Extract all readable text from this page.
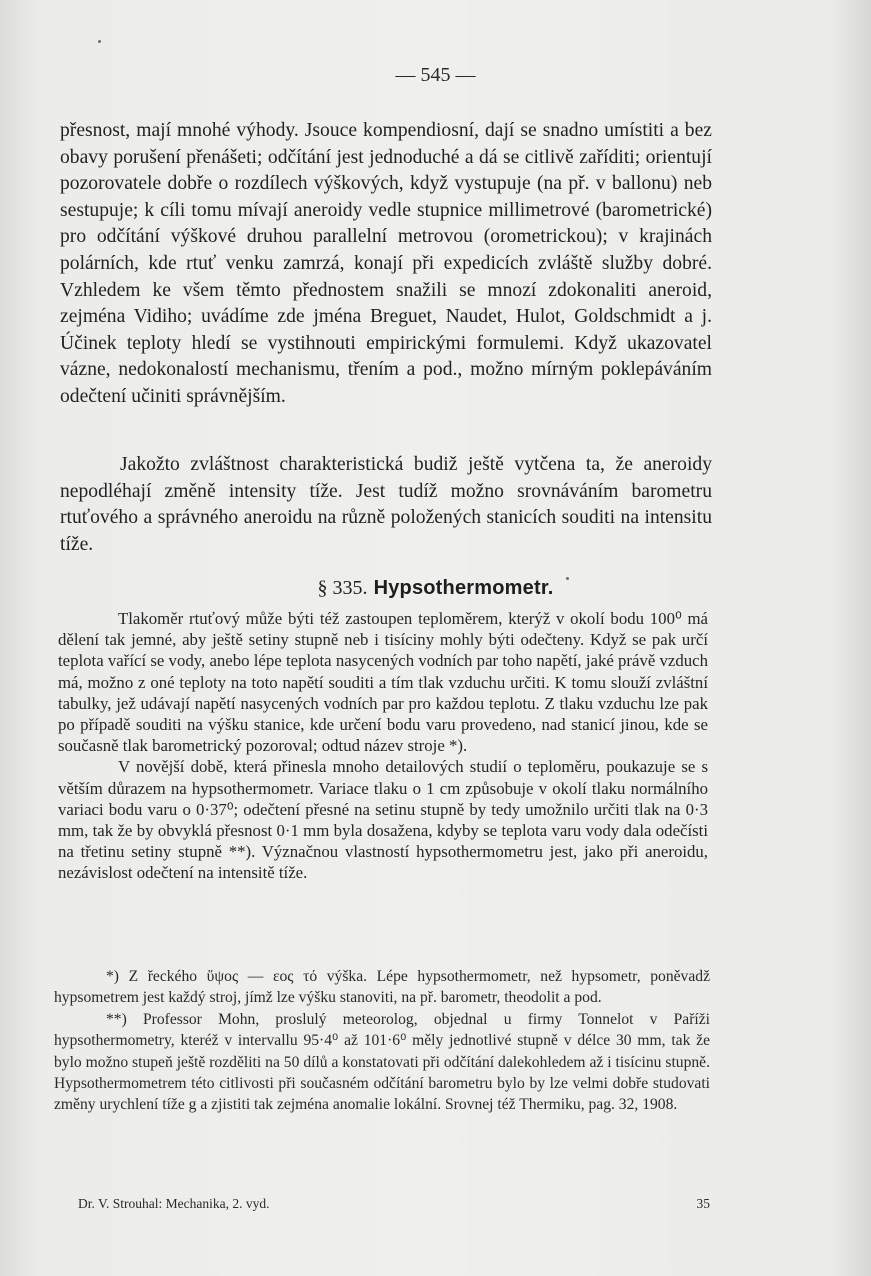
— 545 —

přesnost, mají mnohé výhody. Jsouce kompendiosní, dají se snadno umístiti a bez obavy porušení přenášeti; odčítání jest jednoduché a dá se citlivě zaříditi; orientují pozorovatele dobře o rozdílech výškových, když vystupuje (na př. v ballonu) neb sestupuje; k cíli tomu mívají aneroidy vedle stupnice millimetrové (barometrické) pro odčítání výškové druhou parallelní metrovou (orometrickou); v krajinách polárních, kde rtuť venku zamrzá, konají při expedicích zvláště služby dobré. Vzhledem ke všem těmto přednostem snažili se mnozí zdokonaliti aneroid, zejména Vidiho; uvádíme zde jména Breguet, Naudet, Hulot, Goldschmidt a j. Účinek teploty hledí se vystihnouti empirickými formulemi. Když ukazovatel vázne, nedokonalostí mechanismu, třením a pod., možno mírným poklepáváním odečtení učiniti správnějším.

Jakožto zvláštnost charakteristická budiž ještě vytčena ta, že aneroidy nepodléhají změně intensity tíže. Jest tudíž možno srovnáváním barometru rtuťového a správného aneroidu na různě položených stanicích souditi na intensitu tíže.

§ 335. Hypsothermometr.

Tlakoměr rtuťový může býti též zastoupen teploměrem, kterýž v okolí bodu 100⁰ má dělení tak jemné, aby ještě setiny stupně neb i tisíciny mohly býti odečteny. Když se pak určí teplota vařící se vody, anebo lépe teplota nasycených vodních par toho napětí, jaké právě vzduch má, možno z oné teploty na toto napětí souditi a tím tlak vzduchu určiti. K tomu slouží zvláštní tabulky, jež udávají napětí nasycených vodních par pro každou teplotu. Z tlaku vzduchu lze pak po případě souditi na výšku stanice, kde určení bodu varu provedeno, nad stanicí jinou, kde se současně tlak barometrický pozoroval; odtud název stroje *).

V novější době, která přinesla mnoho detailových studií o teploměru, poukazuje se s větším důrazem na hypsothermometr. Variace tlaku o 1 cm způsobuje v okolí tlaku normálního variaci bodu varu o 0·37⁰; odečtení přesné na setinu stupně by tedy umožnilo určiti tlak na 0·3 mm, tak že by obvyklá přesnost 0·1 mm byla dosažena, kdyby se teplota varu vody dala odečísti na třetinu setiny stupně **). Význačnou vlastností hypsothermometru jest, jako při aneroidu, nezávislost odečtení na intensitě tíže.

*) Z řeckého ὕψος — εος τό výška. Lépe hypsothermometr, než hypsometr, poněvadž hypsometrem jest každý stroj, jímž lze výšku stanoviti, na př. barometr, theodolit a pod.

**) Professor Mohn, proslulý meteorolog, objednal u firmy Tonnelot v Paříži hypsothermometry, kteréž v intervallu 95·4⁰ až 101·6⁰ měly jednotlivé stupně v délce 30 mm, tak že bylo možno stupeň ještě rozděliti na 50 dílů a konstatovati při odčítání dalekohledem až i tisícinu stupně. Hypsothermometrem této citlivosti při současném odčítání barometru bylo by lze velmi dobře studovati změny urychlení tíže g a zjistiti tak zejména anomalie lokální. Srovnej též Thermiku, pag. 32, 1908.

Dr. V. Strouhal: Mechanika, 2. vyd.	35
